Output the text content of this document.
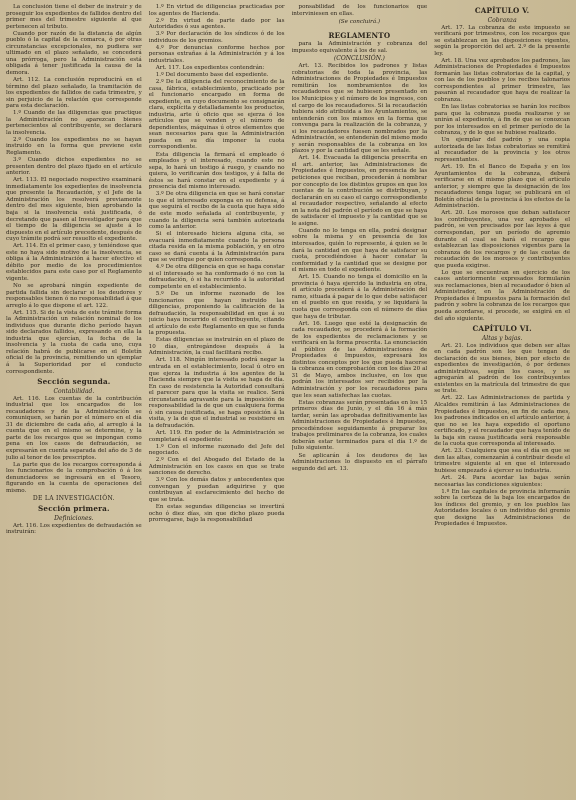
La conclusión tiene el deber de instruir y de proseguir los expedientes de fallidos dentro del primer mes del trimestre siguiente al que pertenecen al tributo.

Cuando por razón de la distancia de algún pueblo ó la capital de la comarca, ó por otras circunstancias excepcionales, no pudiera ser ultimado en el plazo señalado, se concederá una prórroga, pero la Administración está obligada á tener justificada la causa de la demora.

Art. 112. La conclusión reproducirá en el término del plazo señalado, la tramitación de los expedientes de fallidos de cada trimestre, y sin perjuicio de la relación que corresponde para esta declaración.

1.º Cuando de las diligencias que practique la Administración no aparezcan bienes pertenecientes al contribuyente, se declarará la insolvencia.

2.º Cuando los expedientes no se hayan instruido en la forma que previene este Reglamento.

3.º Cuando dichos expedientes no se presenten dentro del plazo fijado en el artículo anterior.

Art. 113. El negociado respectivo examinará inmediatamente los expedientes de insolvencia que presente la Recaudación, y el Jefe de la Administración los resolverá previamente dentro del mes siguiente, bien aprobando la baja si la insolvencia está justificada, ó decretando que pasen al Investigador para que el tiempo de la diligencia se ajuste á lo dispuesto en el artículo precedente, después de cuyo trámite podrá ser resuelto el expediente.

Art. 114. En el primer caso, y teniéndose que este no haya sido motivo de la insolvencia, se obliga á la Administración á hacer efectivo el débito por medio de los procedimientos establecidos para este caso por el Reglamento vigente.

No se aprobará ningún expediente de partida fallida sin declarar si los deudores y responsables tienen ó no responsabilidad á que arreglo á lo que dispone el art. 122.

Art. 115. Si de la vista de este trámite forma la Administración un relación nominal de los individuos que durante dicho período hayan sido declarados fallidos, expresando en ella la industria que ejercían, la fecha de la insolvencia y la cuota de cada uno, cuya relación habrá de publicarse en el Boletín oficial de la provincia, remitiendo un ejemplar á la Superioridad por el conducto correspondiente.

Sección segunda.
Contabilidad.

Art. 116. Los cuentas de la contribución industrial que los encargados de los recaudadores y de la Administración se comuniquen, se harán por el número en el día 31 de diciembre de cada año, al arreglo á la cuenta que en el mismo se determine, y la parte de los recargos que se impongan como pena en los casos de defraudación, se expresarán en cuenta separada del año de 3 de julio al tenor de los prescriptos.

La parte que de los recargos corresponda á los funcionarios de la comprobación ó á los denunciadores se ingresará en el Tesoro, figurando en la cuenta de operaciones del mismo.

DE LA INVESTIGACIÓN.
Sección primera.
Definiciones.

Art. 116. Los expedientes de defraudación se instruirán:

1.º En virtud de diligencias practicadas por los agentes de Hacienda.

2.º En virtud de parte dado por las Autoridades ó sus agentes.

3.º Por declaración de los síndicos ó de los individuos de los gremios.

4.º Por denuncias conforme hechos por personas extrañas á la Administración y á los industriales.

Art. 117. Los expedientes contendrán:

1.º Del documento base del expediente.

2.º De la diligencia del reconocimiento de la casa, fábrica, establecimiento, practicado por el funcionario encargado en forma de expediente, en cuyo documento se consignarán clara, explícita y detalladamente los productos, industria, arte ú oficio que se ejerza ó los artículos que se venden y el número de dependientes, máquinas ú otros elementos que sean necesarios para que la Administración pueda en su día imponer la cuota correspondiente.

Esta diligencia la firmará el empleado ó empleados y el interesado, cuando este no sepa, lo hará un testigo á ruego, y cuando no quiera, lo verificarán dos testigos, y á falta de éstos se hará constar en el expediente y á presencia del mismo interesado.

3.º De otra diligencia en que se hará constar lo que el interesado exponga en su defensa, á que seguirá el recibo de la cuota que haya sido de este modo señalada al contribuyente, y cuando la diligencia será también autorizada como la anterior.

Si el interesado hiciera alguna cita, se evacuará inmediatamente cuando la persona citada resida en la misma población, y en otro caso se dará cuenta á la Administración para que se verifique por quien corresponda.

4.º De otra diligencia en que se haga constar si el interesado se ha conformado ó no con la defraudación, ó si ha recurrido á la autoridad competente en el establecimiento.

5.º De un informe razonado de los funcionarios que hayan instruido las diligencias, proponiendo la calificación de la defraudación, la responsabilidad en que á su juicio haya incurrido el contribuyente, citando el artículo de este Reglamento en que se funda la propuesta.

Estas diligencias se instruirán en el plazo de 10 días, entregándose después á la Administración, la cual facilitará recibo.

Art. 118. Ningún interesado podrá negar la entrada en el establecimiento, local ú otro en que ejerza la industria á los agentes de la Hacienda siempre que la visita se haga de día. En caso de resistencia la Autoridad consultará el parecer para que la visita se realice. Será circunstancia agravante para la imposición de responsabilidad la de que un cualquiera forma ú sin causa justificada, se haga oposición á la visita, y la de que el industrial se resistiere en la defraudación.

Art. 119. En poder de la Administración se completará el expediente:

1.º Con el informe razonado del Jefe del negociado.

2.º Con el del Abogado del Estado de la Administración en los casos en que se trate sanciones de derecho.

3.º Con los demás datos y antecedentes que convengan y puedan adquirirse y que contribuyan al esclarecimiento del hecho de que se trata.

En estas segundas diligencias se invertirá ocho ó diez días, sin que dicho plazo pueda prorrogarse, bajo la responsabilidad

ponsabilidad de los funcionarios que interviniesen en ellas.

(Se concluirá.)

REGLAMENTO

para la Administración y cobranza del impuesto equivalente á los de sal.

(CONCLUSIÓN.)

Art. 13. Recibidos los padrones y listas cobratorias de toda la provincia, las Administraciones de Propiedades é Impuestos remitirán los nombramientos de los recaudadores que se hubiesen presentado en los Municipios y el número de los ingresos, con el cargo de los recaudadores. Si la recaudación hubiera sido atribuida a los Ayuntamientos, se entenderán con los mismos en la forma que convenga para la realización de la cobranza, y si los recaudadores fuesen nombrados por la Administración, se entenderán del mismo modo y serán responsables de la cobranza en los plazos y por la cantidad que se les señale.

Art. 14. Evacuada la diligencia prescrita en el art. anterior, las Administraciones de Propiedades é Impuestos, en presencia de las peticiones que reciban, procederán á nombrar por concepto de los distintos grupos en que los cuentas de la contribución se distribuyan, y declararán en su caso el cargo correspondiente al recaudador respectivo, señalando al efecto en la nota del padrón el período en que se haya de satisfacer el impuesto y la cantidad que se le asigne.

Cuando no lo tenga en ella, podrá designar sobre la misma y en presencia de los interesados, quién lo represente, á quien se le dará la cantidad en que haya de satisfacer su cuota, procediéndose á hacer constar la conformidad y la cantidad que se designe por el mismo en todo el expediente.

Art. 15. Cuando no tenga el domicilio en la provincia ó haya ejercido la industria en otra, el artículo procederá á la Administración del ramo, situada á pagar de lo que debe satisfacer en el pueblo en que resida, y se liquidará la cuota que corresponda con el número de días que haya de tributar.

Art. 16. Luego que esté la designación de cada recaudador, se procederá á la formación de los expedientes de reclamaciones y se verificará en la forma prescrita. La enunciación al público de las Administraciones de Propiedades é Impuestos, expresará los distintos conceptos por los que pueda hacerse la cobranza en comprobación con los días 20 al 31 de Mayo, ambos inclusive, en los que podrán los interesados ser recibidos por la Administración y por los recaudadores para que les sean satisfechas las cuotas.

Estas cobranzas serán presentadas en los 15 primeros días de Junio, y el día 16 á más tardar, serán las aprobadas definitivamente las Administraciones de Propiedades é Impuestos, procediéndose seguidamente á preparar los trabajos preliminares de la cobranza, los cuales deberán estar terminados para el día 1.º de Julio siguiente.

Se aplicarán á los deudores de las Administraciones lo dispuesto en el párrafo segundo del art. 13.

CAPÍTULO V.
Cobranza

Art. 17. La cobranza de este impuesto se verificará por trimestres, con los recargos que se establezcan en las disposiciones vigentes, según la proporción del art. 2.º de la presente ley.

Art. 18. Una vez aprobados los padrones, las Administraciones de Propiedades é Impuestos formarán las listas cobratorias de la capital, y con las de los pueblos y los recibos talonarios correspondientes al primer trimestre, las pasarán al recaudador que haya de realizar la cobranza.

En las listas cobratorias se harán los recibos para que la cobranza pueda realizarse y se unirán al expediente, á fin de que se conozcan por los interesados en el primer período de la cobranza, y de lo que se hubiese realizado.

Un ejemplar del padrón y una copia autorizada de las listas cobratorias se remitirá al recaudador de la provincia y los otros representantes.

Art. 19. En el Banco de España y en los Ayuntamientos de la cobranza, deberá verificarse en el mismo plazo que el artículo anterior, y siempre que la designación de los recaudadores tenga lugar, se publicará en el Boletín oficial de la provincia á los efectos de la Administración.

Art. 20. Los morosos que deban satisfacer los contribuyentes, una vez aprobados el padrón, se ven precisados por las leyes á que correspondan, por un período de apremio durante el cual se hará el recargo que establezcan las disposiciones vigentes para la cobranza de los recargos y de las cuotas de recaudación de los morosos y contribuyentes que pueda exigirse.

Lo que se encuentran en ejercicio de los casos anteriormente expresados formularán sus reclamaciones, bien al recaudador ó bien al Administrador, en la Administración de Propiedades é Impuestos para la formación del padrón y sobre la cobranza de los recargos que pueda acordarse, si procede, se exigirá en el del año siguiente.

CAPÍTULO VI.
Altas y bajas.

Art. 21. Los individuos que deben ser altas en cada padrón son los que tengan de declaración de sus bienes, bien por efecto de expedientes de investigación, ó por órdenes administrativas, según los casos, y se agregarán al padrón de los contribuyentes existentes en la matrícula del trimestre de que se trate.

Art. 22. Las Administraciones de partida y Alcaldes remitirán á las Administraciones de Propiedades é Impuestos, en fin de cada mes, los padrones indicados en el artículo anterior, á que no se les haya expedido el oportuno certificado, y el recaudador que haya tenido de la baja sin causa justificada será responsable de la cuota que corresponda al interesado.

Art. 23. Cualquiera que sea el día en que se den las altas, comenzarán á contribuir desde el trimestre siguiente al en que el interesado hubiese empezado á ejercer su industria.

Art. 24. Para acordar las bajas serán necesarias las condiciones siguientes:

1.º En las capitales de provincia informarán sobre la certeza de la baja los encargados de los índices del gremio, y en los pueblos las Autoridades locales ó un individuo del gremio que designe las Administraciones de Propiedades é Impuestos.
